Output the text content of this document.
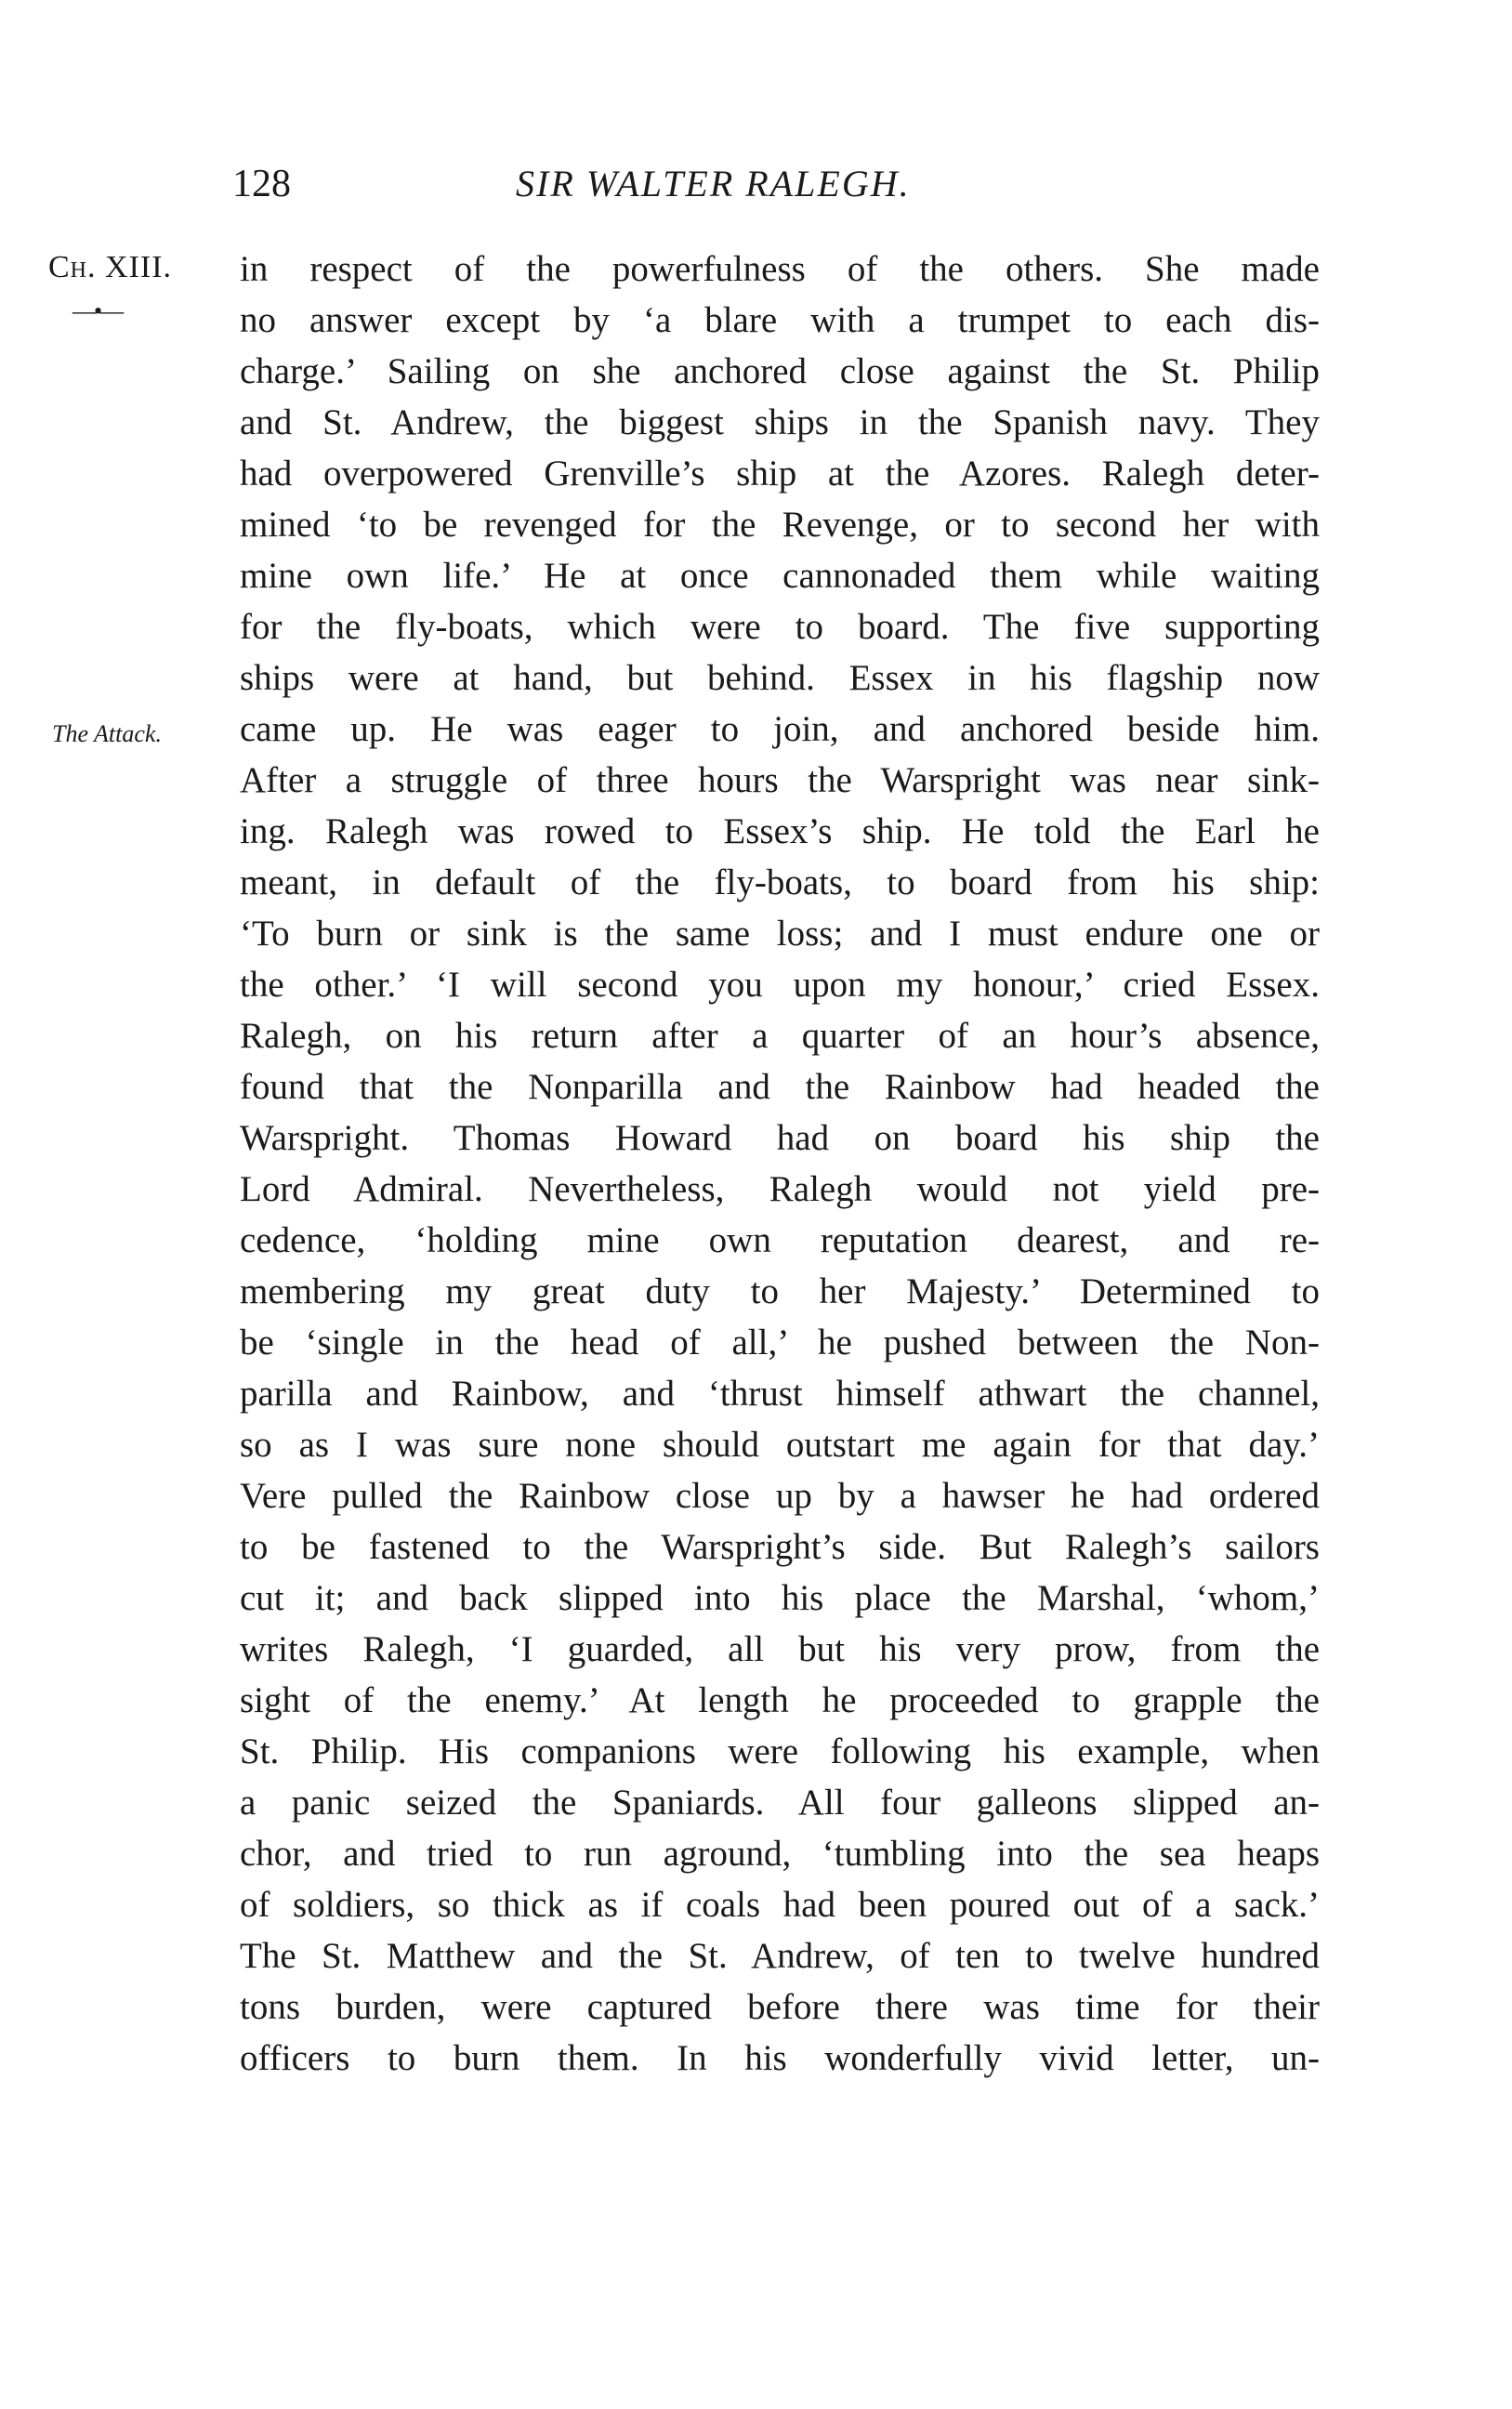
128	SIR WALTER RALEGH.
Ch. XIII.
—•—
The Attack.
in respect of the powerfulness of the others. She made
no answer except by ‘a blare with a trumpet to each dis-
charge.’ Sailing on she anchored close against the St. Philip
and St. Andrew, the biggest ships in the Spanish navy. They
had overpowered Grenville’s ship at the Azores. Ralegh deter-
mined ‘to be revenged for the Revenge, or to second her with
mine own life.’ He at once cannonaded them while waiting
for the fly-boats, which were to board. The five supporting
ships were at hand, but behind. Essex in his flagship now
came up. He was eager to join, and anchored beside him.
After a struggle of three hours the Warspright was near sink-
ing. Ralegh was rowed to Essex’s ship. He told the Earl he
meant, in default of the fly-boats, to board from his ship:
‘To burn or sink is the same loss; and I must endure one or
the other.’ ‘I will second you upon my honour,’ cried Essex.
Ralegh, on his return after a quarter of an hour’s absence,
found that the Nonparilla and the Rainbow had headed the
Warspright. Thomas Howard had on board his ship the
Lord Admiral. Nevertheless, Ralegh would not yield pre-
cedence, ‘holding mine own reputation dearest, and re-
membering my great duty to her Majesty.’ Determined to
be ‘single in the head of all,’ he pushed between the Non-
parilla and Rainbow, and ‘thrust himself athwart the channel,
so as I was sure none should outstart me again for that day.’
Vere pulled the Rainbow close up by a hawser he had ordered
to be fastened to the Warspright’s side. But Ralegh’s sailors
cut it; and back slipped into his place the Marshal, ‘whom,’
writes Ralegh, ‘I guarded, all but his very prow, from the
sight of the enemy.’ At length he proceeded to grapple the
St. Philip. His companions were following his example, when
a panic seized the Spaniards. All four galleons slipped an-
chor, and tried to run aground, ‘tumbling into the sea heaps
of soldiers, so thick as if coals had been poured out of a sack.’
The St. Matthew and the St. Andrew, of ten to twelve hundred
tons burden, were captured before there was time for their
officers to burn them. In his wonderfully vivid letter, un-
